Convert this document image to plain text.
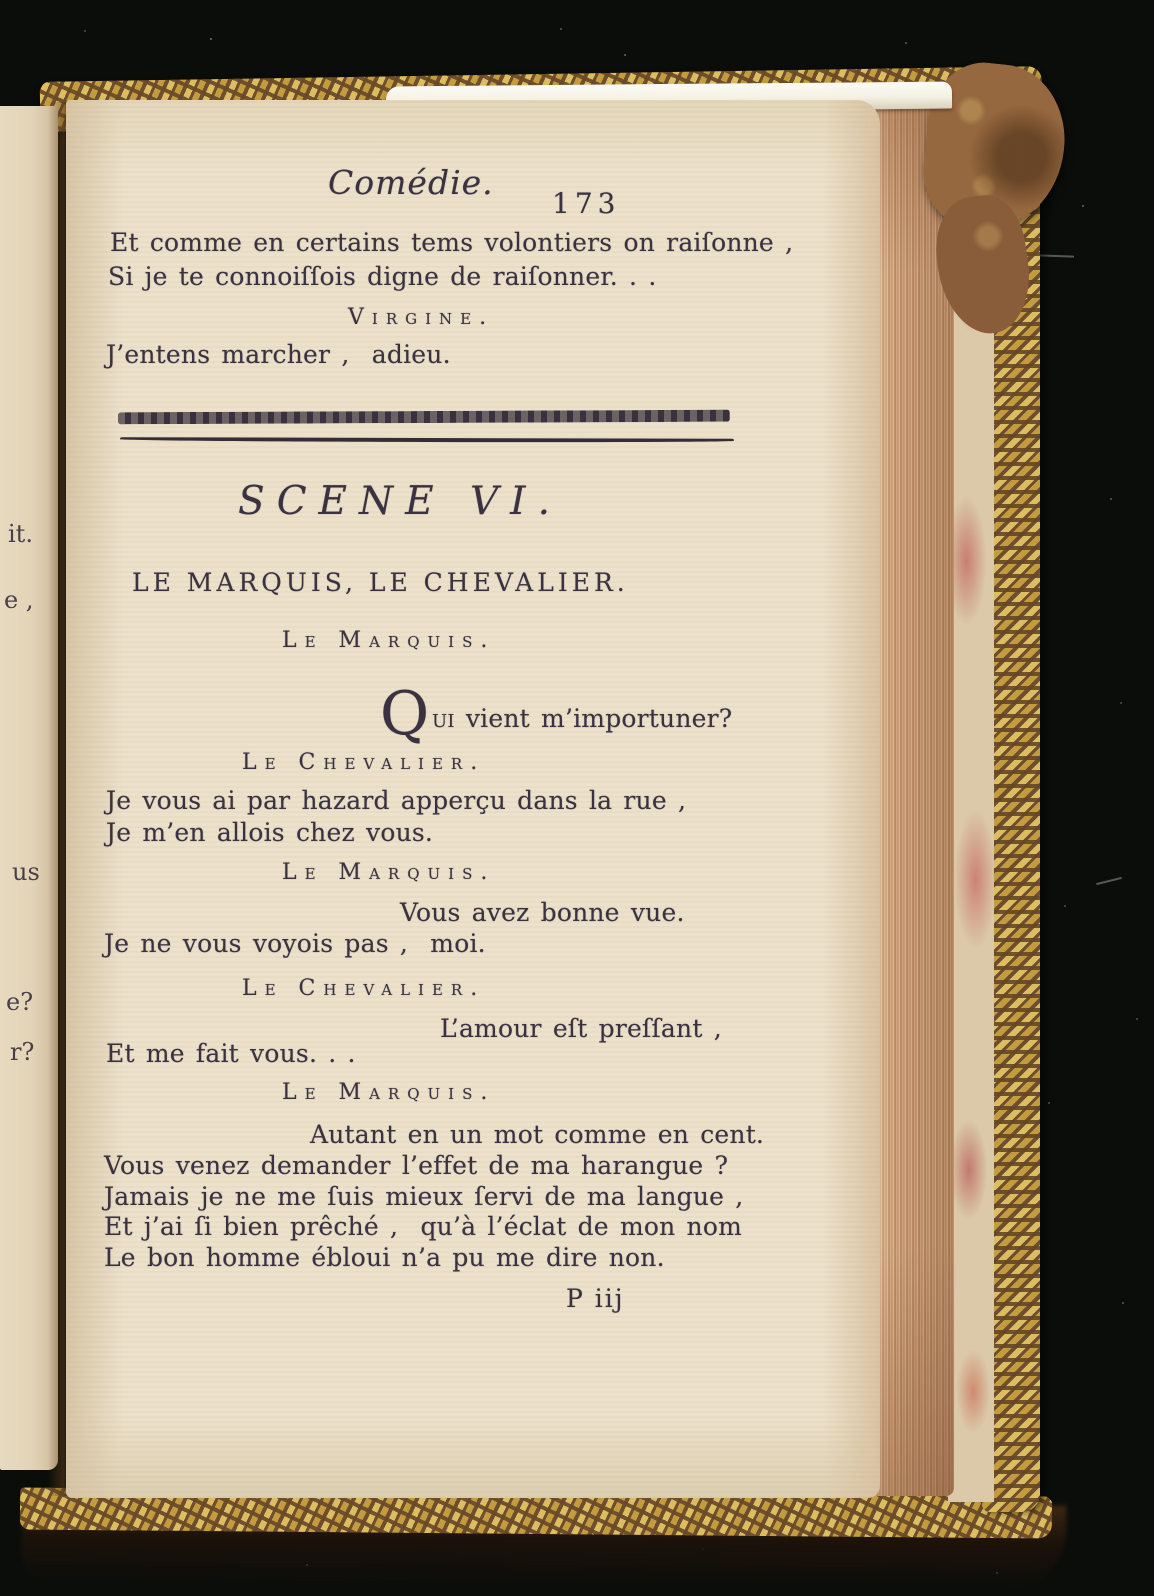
it.
e ,
us
e?
r?
Comédie.
173
Et comme en certains tems volontiers on raiſonne ,
Si je te connoiſſois digne de raiſonner. . .
Virgine.
J’entens marcher ,  adieu.
SCENE VI.
LE MARQUIS, LE CHEVALIER.
Le Marquis.
Q ui vient m’importuner?
Le Chevalier.
Je vous ai par hazard apperçu dans la rue ,
Je m’en allois chez vous.
Le Marquis.
Vous avez bonne vue.
Je ne vous voyois pas ,  moi.
Le Chevalier.
L’amour eſt preſſant ,
Et me fait vous. . .
Le Marquis.
Autant en un mot comme en cent.
Vous venez demander l’effet de ma harangue ?
Jamais je ne me ſuis mieux ſervi de ma langue ,
Et j’ai ſi bien prêché ,  qu’à l’éclat de mon nom
Le bon homme ébloui n’a pu me dire non.
P iij
